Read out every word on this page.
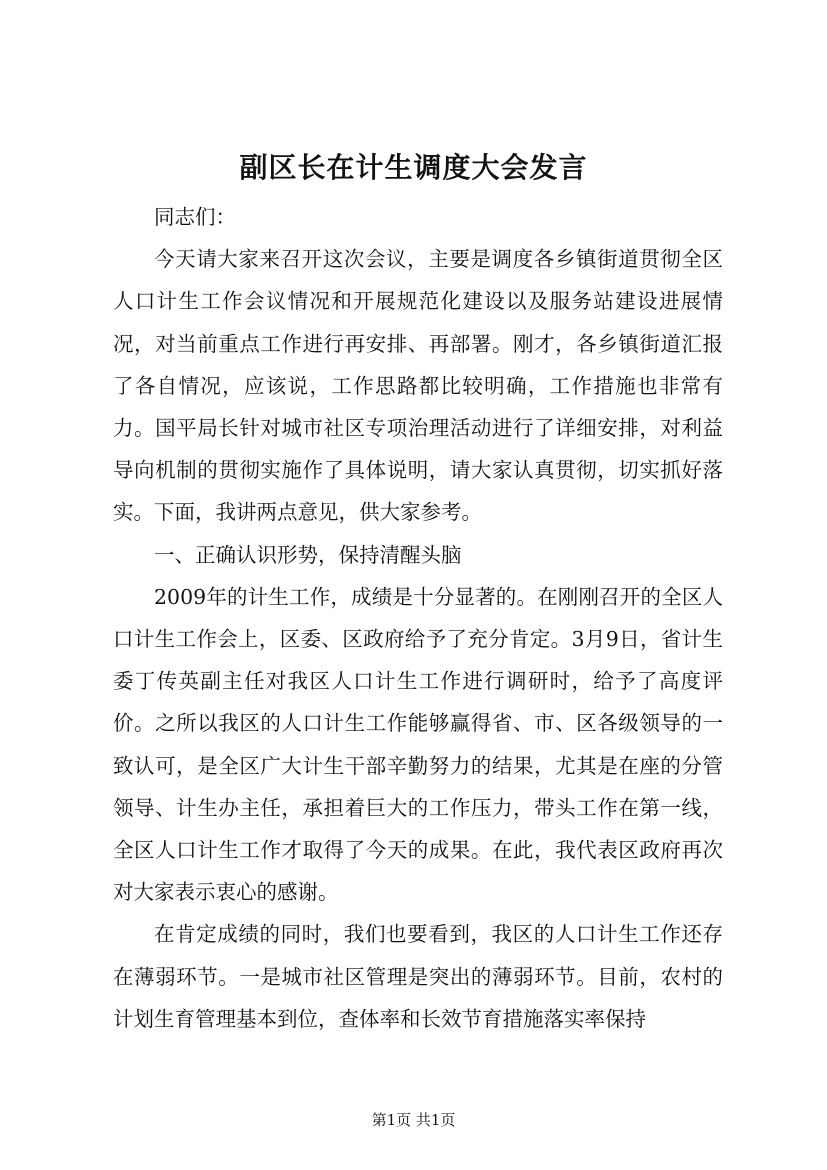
副区长在计生调度大会发言

同志们：

今天请大家来召开这次会议，主要是调度各乡镇街道贯彻全区人口计生工作会议情况和开展规范化建设以及服务站建设进展情况，对当前重点工作进行再安排、再部署。刚才，各乡镇街道汇报了各自情况，应该说，工作思路都比较明确，工作措施也非常有力。国平局长针对城市社区专项治理活动进行了详细安排，对利益导向机制的贯彻实施作了具体说明，请大家认真贯彻，切实抓好落实。下面，我讲两点意见，供大家参考。

一、正确认识形势，保持清醒头脑

2009年的计生工作，成绩是十分显著的。在刚刚召开的全区人口计生工作会上，区委、区政府给予了充分肯定。3月9日，省计生委丁传英副主任对我区人口计生工作进行调研时，给予了高度评价。之所以我区的人口计生工作能够赢得省、市、区各级领导的一致认可，是全区广大计生干部辛勤努力的结果，尤其是在座的分管领导、计生办主任，承担着巨大的工作压力，带头工作在第一线，全区人口计生工作才取得了今天的成果。在此，我代表区政府再次对大家表示衷心的感谢。

在肯定成绩的同时，我们也要看到，我区的人口计生工作还存在薄弱环节。一是城市社区管理是突出的薄弱环节。目前，农村的计划生育管理基本到位，查体率和长效节育措施落实率保持

第1页 共1页
